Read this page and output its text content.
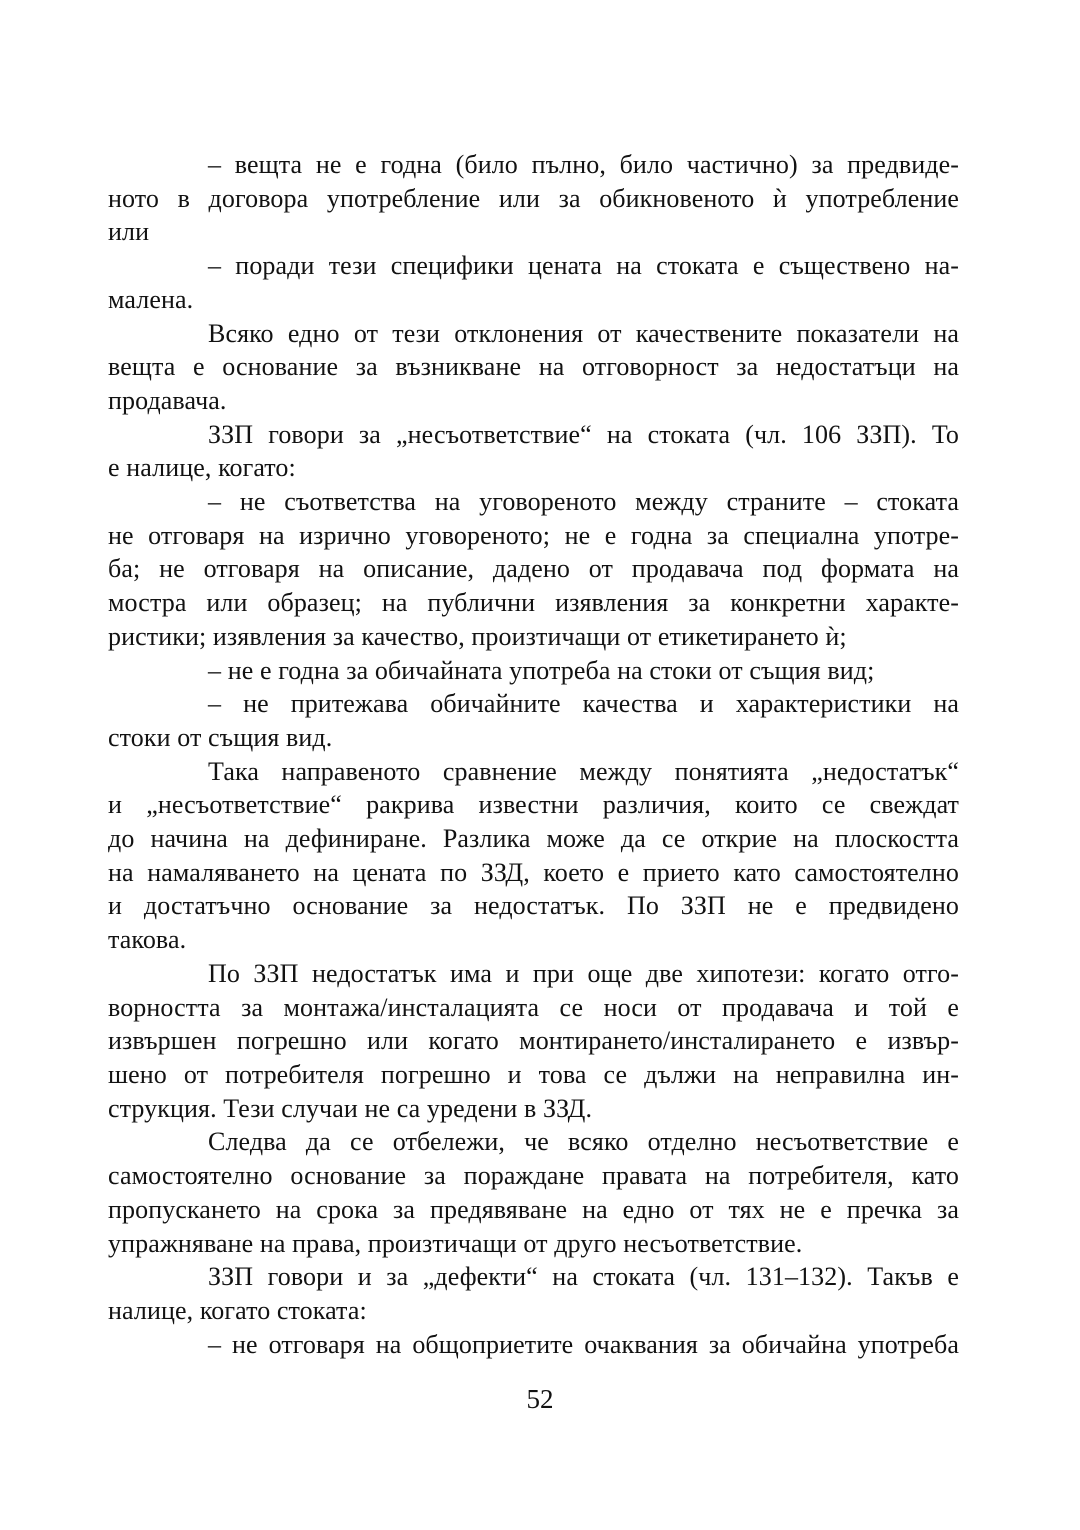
– вещта не е годна (било пълно, било частично) за предвиде-
ното в договора употребление или за обикновеното ѝ употребление
или
– поради тези специфики цената на стоката е съществено на-
малена.
Всяко едно от тези отклонения от качествените показатели на
вещта е основание за възникване на отговорност за недостатъци на
продавача.
ЗЗП говори за „несъответствие“ на стоката (чл. 106 ЗЗП). То
е налице, когато:
– не съответства на уговореното между страните – стоката
не отговаря на изрично уговореното; не е годна за специална употре-
ба; не отговаря на описание, дадено от продавача под формата на
мостра или образец; на публични изявления за конкретни характе-
ристики; изявления за качество, произтичащи от етикетирането ѝ;
– не е годна за обичайната употреба на стоки от същия вид;
– не притежава обичайните качества и характеристики на
стоки от същия вид.
Така направеното сравнение между понятията „недостатък“
и „несъответствие“ ракрива известни различия, които се свеждат
до начина на дефиниране. Разлика може да се открие на плоскостта
на намаляването на цената по ЗЗД, което е прието като самостоятелно
и достатъчно основание за недостатък. По ЗЗП не е предвидено
такова.
По ЗЗП недостатък има и при още две хипотези: когато отго-
ворността за монтажа/инсталацията се носи от продавача и той е
извършен погрешно или когато монтирането/инсталирането е извър-
шено от потребителя погрешно и това се дължи на неправилна ин-
струкция. Тези случаи не са уредени в ЗЗД.
Следва да се отбележи, че всяко отделно несъответствие е
самостоятелно основание за пораждане правата на потребителя, като
пропускането на срока за предявяване на едно от тях не е пречка за
упражняване на права, произтичащи от друго несъответствие.
ЗЗП говори и за „дефекти“ на стоката (чл. 131–132). Такъв е
налице, когато стоката:
– не отговаря на общоприетите очаквания за обичайна употреба
52
